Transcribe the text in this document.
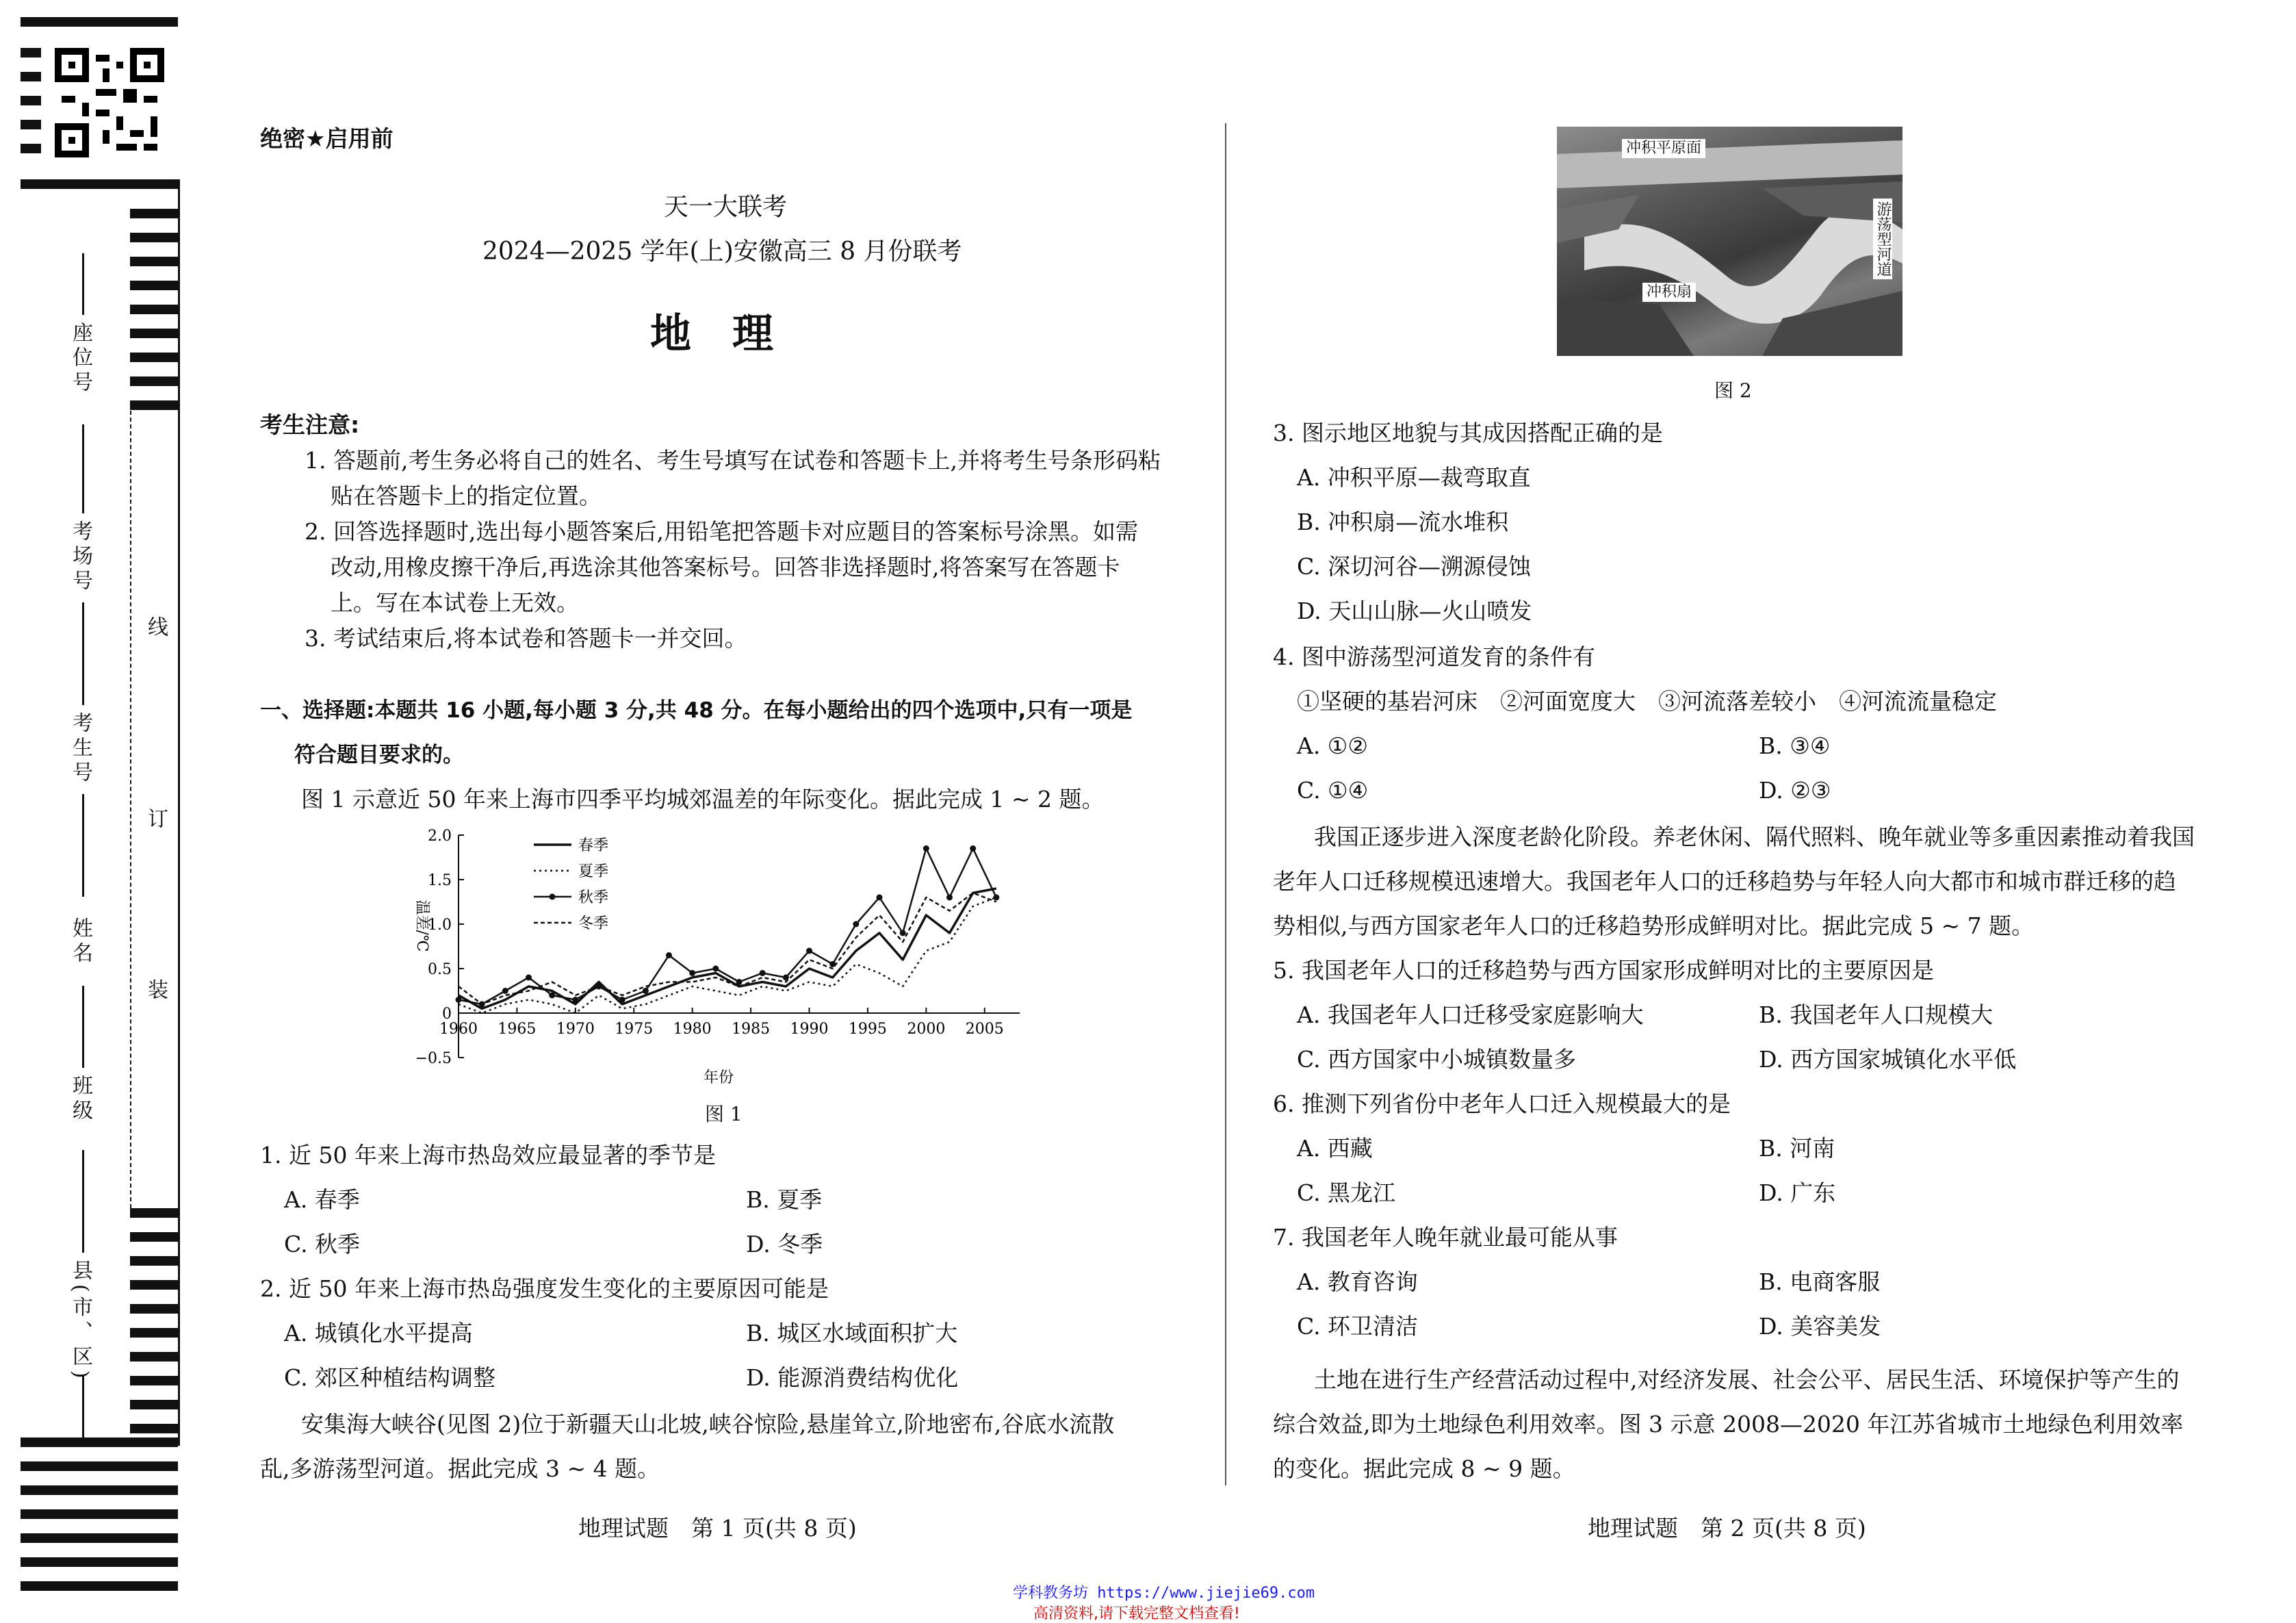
座位号
考场号
考生号
姓名
班级
县(市、区)
线
订
装
绝密★启用前
天一大联考
2024—2025 学年(上)安徽高三 8 月份联考
地　理
考生注意:
1. 答题前,考生务必将自己的姓名、考生号填写在试卷和答题卡上,并将考生号条形码粘
贴在答题卡上的指定位置。
2. 回答选择题时,选出每小题答案后,用铅笔把答题卡对应题目的答案标号涂黑。如需
改动,用橡皮擦干净后,再选涂其他答案标号。回答非选择题时,将答案写在答题卡
上。写在本试卷上无效。
3. 考试结束后,将本试卷和答题卡一并交回。
一、选择题:本题共 16 小题,每小题 3 分,共 48 分。在每小题给出的四个选项中,只有一项是
符合题目要求的。
图 1 示意近 50 年来上海市四季平均城郊温差的年际变化。据此完成 1 ~ 2 题。
2.0
1.5
1.0
0.5
0
−0.5
1960 1965 1970 1975 1980 1985 1990 1995 2000 2005
年份
温差/℃
春季
夏季
秋季
冬季
图 1
1. 近 50 年来上海市热岛效应最显著的季节是
A. 春季	B. 夏季
C. 秋季	D. 冬季
2. 近 50 年来上海市热岛强度发生变化的主要原因可能是
A. 城镇化水平提高	B. 城区水域面积扩大
C. 郊区种植结构调整	D. 能源消费结构优化
安集海大峡谷(见图 2)位于新疆天山北坡,峡谷惊险,悬崖耸立,阶地密布,谷底水流散
乱,多游荡型河道。据此完成 3 ~ 4 题。
地理试题　第 1 页(共 8 页)
冲积平原面
冲积扇
游荡型河道
图 2
3. 图示地区地貌与其成因搭配正确的是
A. 冲积平原—裁弯取直
B. 冲积扇—流水堆积
C. 深切河谷—溯源侵蚀
D. 天山山脉—火山喷发
4. 图中游荡型河道发育的条件有
①坚硬的基岩河床　②河面宽度大　③河流落差较小　④河流流量稳定
A. ①②	B. ③④
C. ①④	D. ②③
我国正逐步进入深度老龄化阶段。养老休闲、隔代照料、晚年就业等多重因素推动着我国
老年人口迁移规模迅速增大。我国老年人口的迁移趋势与年轻人向大都市和城市群迁移的趋
势相似,与西方国家老年人口的迁移趋势形成鲜明对比。据此完成 5 ~ 7 题。
5. 我国老年人口的迁移趋势与西方国家形成鲜明对比的主要原因是
A. 我国老年人口迁移受家庭影响大	B. 我国老年人口规模大
C. 西方国家中小城镇数量多	D. 西方国家城镇化水平低
6. 推测下列省份中老年人口迁入规模最大的是
A. 西藏	B. 河南
C. 黑龙江	D. 广东
7. 我国老年人晚年就业最可能从事
A. 教育咨询	B. 电商客服
C. 环卫清洁	D. 美容美发
土地在进行生产经营活动过程中,对经济发展、社会公平、居民生活、环境保护等产生的
综合效益,即为土地绿色利用效率。图 3 示意 2008—2020 年江苏省城市土地绿色利用效率
的变化。据此完成 8 ~ 9 题。
地理试题　第 2 页(共 8 页)
学科教务坊 https://www.jiejie69.com
高清资料,请下载完整文档查看!
